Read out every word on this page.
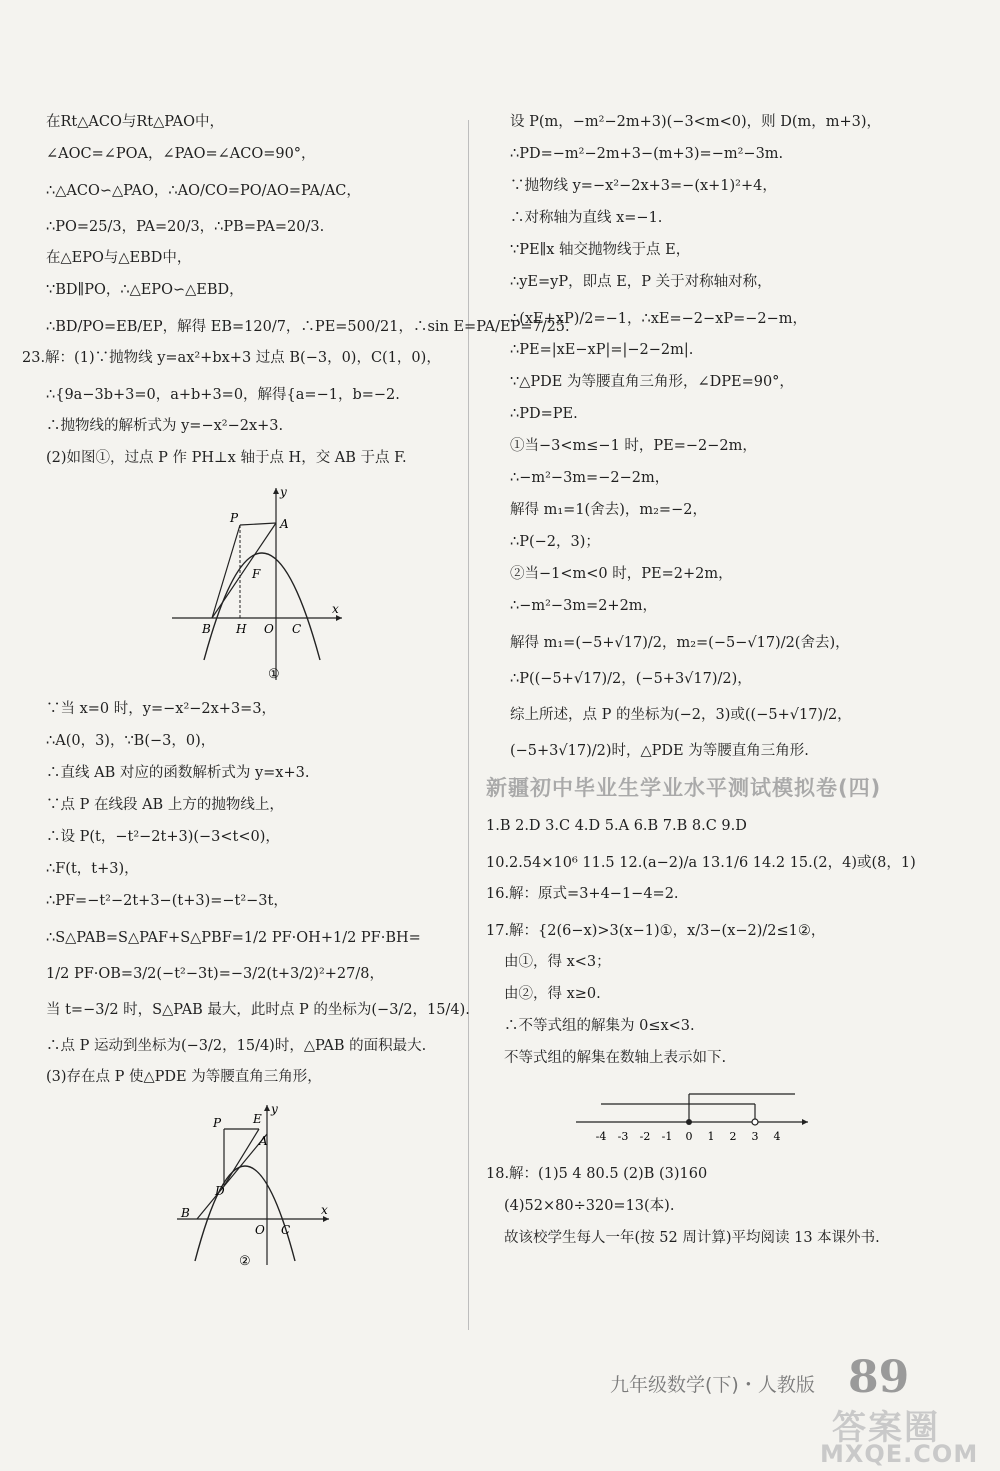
在Rt△ACO与Rt△PAO中，
∠AOC=∠POA，∠PAO=∠ACO=90°，
∴△ACO∽△PAO，∴AO/CO=PO/AO=PA/AC，
∴PO=25/3，PA=20/3，∴PB=PA=20/3.
在△EPO与△EBD中，
∵BD∥PO，∴△EPO∽△EBD，
∴BD/PO=EB/EP，解得 EB=120/7，∴PE=500/21，∴sin E=PA/EP=7/25.
23.解：(1)∵抛物线 y=ax²+bx+3 过点 B(−3，0)，C(1，0)，
∴{9a−3b+3=0，a+b+3=0，解得{a=−1，b=−2.
∴抛物线的解析式为 y=−x²−2x+3.
(2)如图①，过点 P 作 PH⊥x 轴于点 H，交 AB 于点 F.
y
x
P	A
F
B H O C
①
∵当 x=0 时，y=−x²−2x+3=3，
∴A(0，3)，∵B(−3，0)，
∴直线 AB 对应的函数解析式为 y=x+3.
∵点 P 在线段 AB 上方的抛物线上，
∴设 P(t，−t²−2t+3)(−3<t<0)，
∴F(t，t+3)，
∴PF=−t²−2t+3−(t+3)=−t²−3t，
∴S△PAB=S△PAF+S△PBF=1/2 PF·OH+1/2 PF·BH=
1/2 PF·OB=3/2(−t²−3t)=−3/2(t+3/2)²+27/8，
当 t=−3/2 时，S△PAB 最大，此时点 P 的坐标为(−3/2，15/4).
∴点 P 运动到坐标为(−3/2，15/4)时，△PAB 的面积最大.
(3)存在点 P 使△PDE 为等腰直角三角形，
y
x
P	E
A
D
B
O C
②
设 P(m，−m²−2m+3)(−3<m<0)，则 D(m，m+3)，
∴PD=−m²−2m+3−(m+3)=−m²−3m.
∵抛物线 y=−x²−2x+3=−(x+1)²+4，
∴对称轴为直线 x=−1.
∵PE∥x 轴交抛物线于点 E，
∴yE=yP，即点 E，P 关于对称轴对称，
∴(xE+xP)/2=−1，∴xE=−2−xP=−2−m，
∴PE=|xE−xP|=|−2−2m|.
∵△PDE 为等腰直角三角形，∠DPE=90°，
∴PD=PE.
①当−3<m≤−1 时，PE=−2−2m，
∴−m²−3m=−2−2m，
解得 m₁=1(舍去)，m₂=−2，
∴P(−2，3)；
②当−1<m<0 时，PE=2+2m，
∴−m²−3m=2+2m，
解得 m₁=(−5+√17)/2，m₂=(−5−√17)/2(舍去)，
∴P((−5+√17)/2，(−5+3√17)/2)，
综上所述，点 P 的坐标为(−2，3)或((−5+√17)/2，
(−5+3√17)/2)时，△PDE 为等腰直角三角形.
新疆初中毕业生学业水平测试模拟卷(四)
1.B 2.D 3.C 4.D 5.A 6.B 7.B 8.C 9.D
10.2.54×10⁶ 11.5 12.(a−2)/a 13.1/6 14.2 15.(2，4)或(8，1)
16.解：原式=3+4−1−4=2.
17.解：{2(6−x)>3(x−1)①，x/3−(x−2)/2≤1②，
由①，得 x<3；
由②，得 x≥0.
∴不等式组的解集为 0≤x<3.
不等式组的解集在数轴上表示如下.
-4 -3 -2 -1 0 1 2 3 4
18.解：(1)5 4 80.5 (2)B (3)160
(4)52×80÷320=13(本).
故该校学生每人一年(按 52 周计算)平均阅读 13 本课外书.
九年级数学(下)・人教版 89
答案圈
MXQE.COM
